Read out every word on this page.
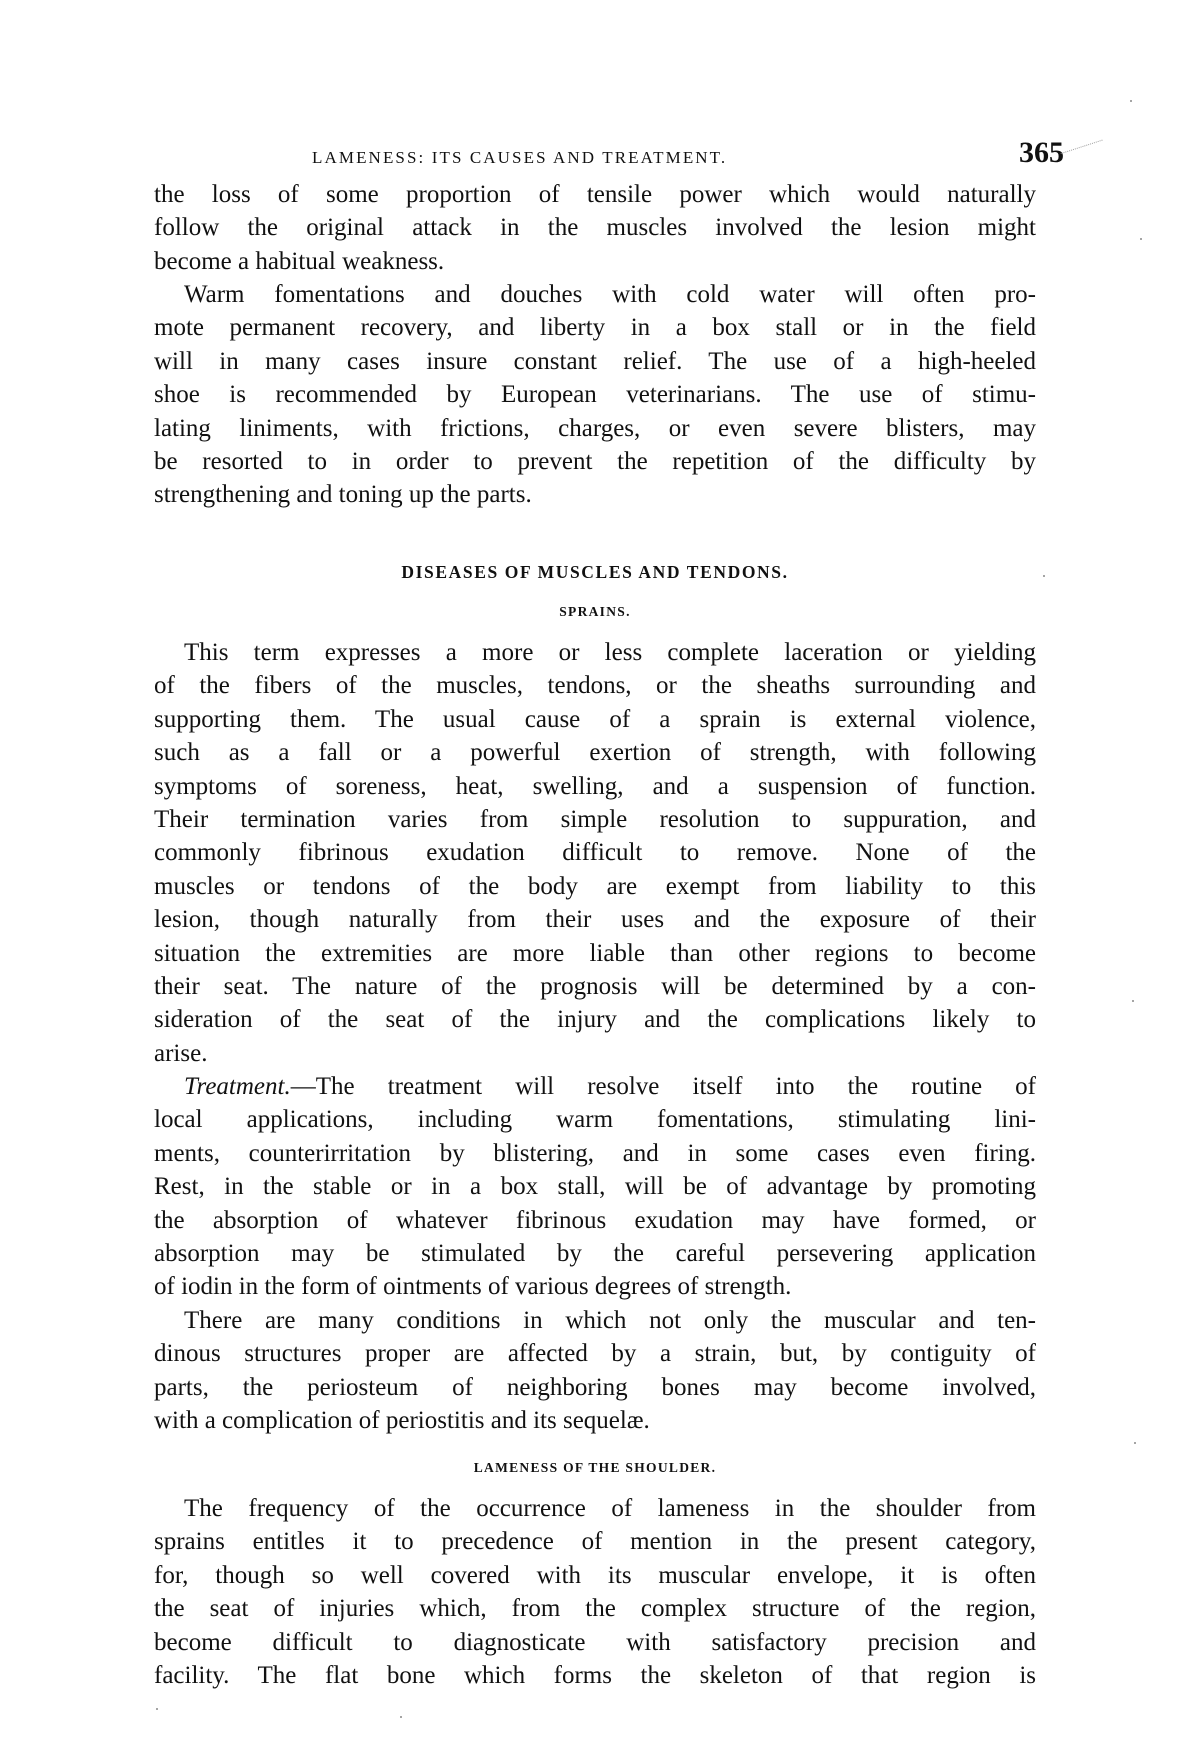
LAMENESS: ITS CAUSES AND TREATMENT.	365
the loss of some proportion of tensile power which would naturally
follow the original attack in the muscles involved the lesion might
become a habitual weakness.
Warm fomentations and douches with cold water will often pro-
mote permanent recovery, and liberty in a box stall or in the field
will in many cases insure constant relief. The use of a high-heeled
shoe is recommended by European veterinarians. The use of stimu-
lating liniments, with frictions, charges, or even severe blisters, may
be resorted to in order to prevent the repetition of the difficulty by
strengthening and toning up the parts.
DISEASES OF MUSCLES AND TENDONS.
SPRAINS.
This term expresses a more or less complete laceration or yielding
of the fibers of the muscles, tendons, or the sheaths surrounding and
supporting them. The usual cause of a sprain is external violence,
such as a fall or a powerful exertion of strength, with following
symptoms of soreness, heat, swelling, and a suspension of function.
Their termination varies from simple resolution to suppuration, and
commonly fibrinous exudation difficult to remove. None of the
muscles or tendons of the body are exempt from liability to this
lesion, though naturally from their uses and the exposure of their
situation the extremities are more liable than other regions to become
their seat. The nature of the prognosis will be determined by a con-
sideration of the seat of the injury and the complications likely to
arise.
Treatment.—The treatment will resolve itself into the routine of
local applications, including warm fomentations, stimulating lini-
ments, counterirritation by blistering, and in some cases even firing.
Rest, in the stable or in a box stall, will be of advantage by promoting
the absorption of whatever fibrinous exudation may have formed, or
absorption may be stimulated by the careful persevering application
of iodin in the form of ointments of various degrees of strength.
There are many conditions in which not only the muscular and ten-
dinous structures proper are affected by a strain, but, by contiguity of
parts, the periosteum of neighboring bones may become involved,
with a complication of periostitis and its sequelæ.
LAMENESS OF THE SHOULDER.
The frequency of the occurrence of lameness in the shoulder from
sprains entitles it to precedence of mention in the present category,
for, though so well covered with its muscular envelope, it is often
the seat of injuries which, from the complex structure of the region,
become difficult to diagnosticate with satisfactory precision and
facility. The flat bone which forms the skeleton of that region is
